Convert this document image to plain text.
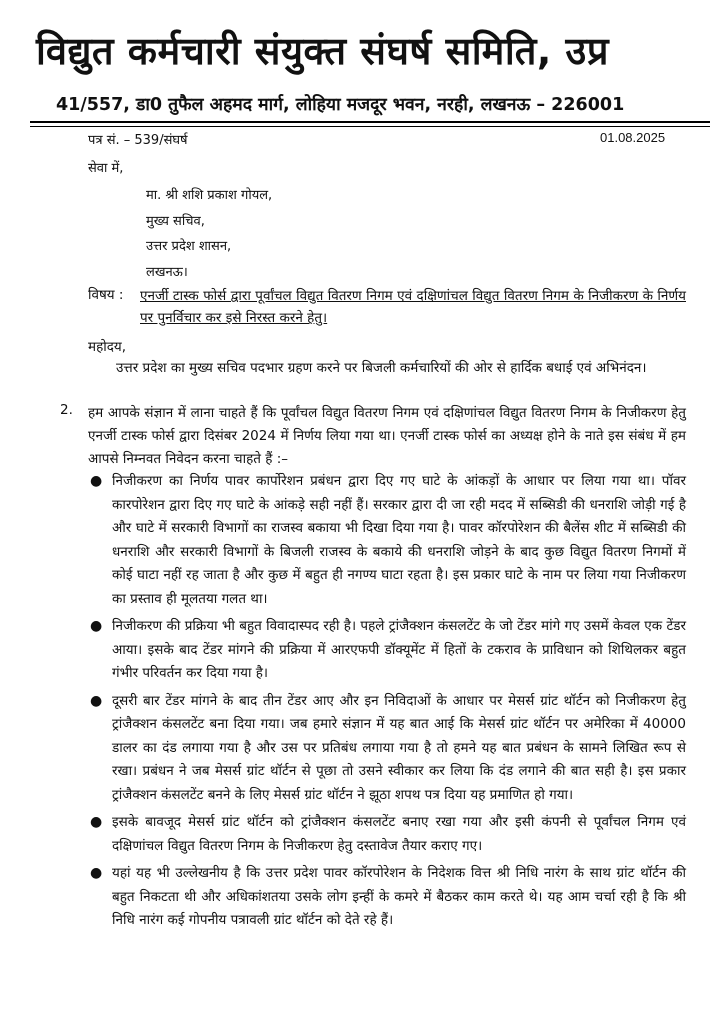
विद्युत कर्मचारी संयुक्त संघर्ष समिति, उप्र
41/557, डा0 तुफैल अहमद मार्ग, लोहिया मजदूर भवन, नरही, लखनऊ – 226001
पत्र सं. – 539/संघर्ष	01.08.2025
सेवा में,
मा. श्री शशि प्रकाश गोयल,
मुख्य सचिव,
उत्तर प्रदेश शासन,
लखनऊ।
विषय : एनर्जी टास्क फोर्स द्वारा पूर्वांचल विद्युत वितरण निगम एवं दक्षिणांचल विद्युत वितरण निगम के निजीकरण के निर्णय पर पुनर्विचार कर इसे निरस्त करने हेतु।
महोदय,
उत्तर प्रदेश का मुख्य सचिव पदभार ग्रहण करने पर बिजली कर्मचारियों की ओर से हार्दिक बधाई एवं अभिनंदन।
2. हम आपके संज्ञान में लाना चाहते हैं कि पूर्वांचल विद्युत वितरण निगम एवं दक्षिणांचल विद्युत वितरण निगम के निजीकरण हेतु एनर्जी टास्क फोर्स द्वारा दिसंबर 2024 में निर्णय लिया गया था। एनर्जी टास्क फोर्स का अध्यक्ष होने के नाते इस संबंध में हम आपसे निम्नवत निवेदन करना चाहते हैं :–
● निजीकरण का निर्णय पावर कार्पोरेशन प्रबंधन द्वारा दिए गए घाटे के आंकड़ों के आधार पर लिया गया था। पॉवर कारपोरेशन द्वारा दिए गए घाटे के आंकड़े सही नहीं हैं। सरकार द्वारा दी जा रही मदद में सब्सिडी की धनराशि जोड़ी गई है और घाटे में सरकारी विभागों का राजस्व बकाया भी दिखा दिया गया है। पावर कॉरपोरेशन की बैलेंस शीट में सब्सिडी की धनराशि और सरकारी विभागों के बिजली राजस्व के बकाये की धनराशि जोड़ने के बाद कुछ विद्युत वितरण निगमों में कोई घाटा नहीं रह जाता है और कुछ में बहुत ही नगण्य घाटा रहता है। इस प्रकार घाटे के नाम पर लिया गया निजीकरण का प्रस्ताव ही मूलतया गलत था।
● निजीकरण की प्रक्रिया भी बहुत विवादास्पद रही है। पहले ट्रांजैक्शन कंसलटेंट के जो टेंडर मांगे गए उसमें केवल एक टेंडर आया। इसके बाद टेंडर मांगने की प्रक्रिया में आरएफपी डॉक्यूमेंट में हितों के टकराव के प्राविधान को शिथिलकर बहुत गंभीर परिवर्तन कर दिया गया है।
● दूसरी बार टेंडर मांगने के बाद तीन टेंडर आए और इन निविदाओं के आधार पर मेसर्स ग्रांट थॉर्टन को निजीकरण हेतु ट्रांजैक्शन कंसलटेंट बना दिया गया। जब हमारे संज्ञान में यह बात आई कि मेसर्स ग्रांट थॉर्टन पर अमेरिका में 40000 डालर का दंड लगाया गया है और उस पर प्रतिबंध लगाया गया है तो हमने यह बात प्रबंधन के सामने लिखित रूप से रखा। प्रबंधन ने जब मेसर्स ग्रांट थॉर्टन से पूछा तो उसने स्वीकार कर लिया कि दंड लगाने की बात सही है। इस प्रकार ट्रांजैक्शन कंसलटेंट बनने के लिए मेसर्स ग्रांट थॉर्टन ने झूठा शपथ पत्र दिया यह प्रमाणित हो गया।
● इसके बावजूद मेसर्स ग्रांट थॉर्टन को ट्रांजैक्शन कंसलटेंट बनाए रखा गया और इसी कंपनी से पूर्वांचल निगम एवं दक्षिणांचल विद्युत वितरण निगम के निजीकरण हेतु दस्तावेज तैयार कराए गए।
● यहां यह भी उल्लेखनीय है कि उत्तर प्रदेश पावर कॉरपोरेशन के निदेशक वित्त श्री निधि नारंग के साथ ग्रांट थॉर्टन की बहुत निकटता थी और अधिकांशतया उसके लोग इन्हीं के कमरे में बैठकर काम करते थे। यह आम चर्चा रही है कि श्री निधि नारंग कई गोपनीय पत्रावली ग्रांट थॉर्टन को देते रहे हैं।
